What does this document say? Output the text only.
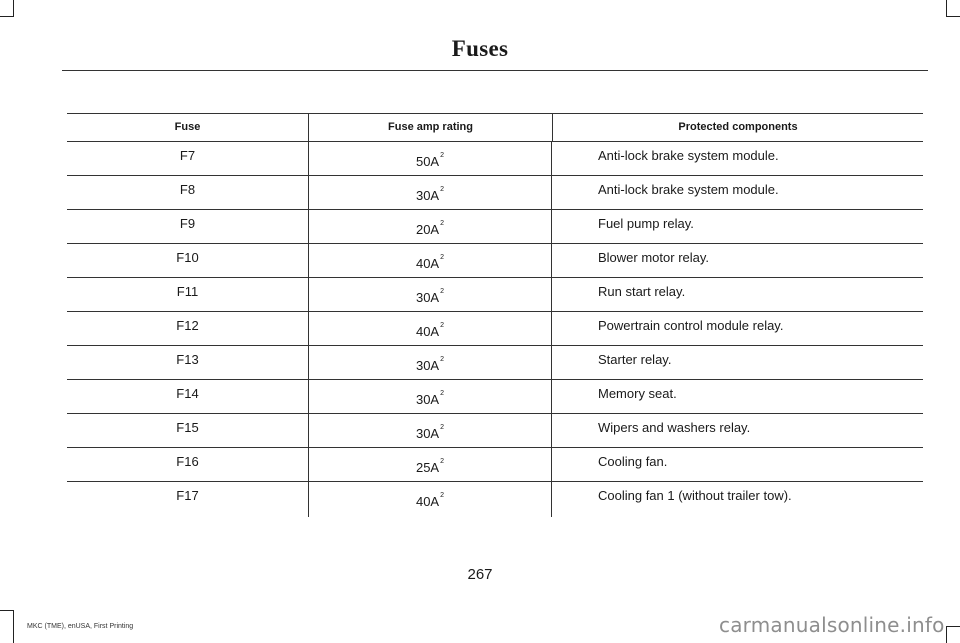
Fuses
Fuse	Fuse amp rating	Protected components
F7	$50A^2$	Anti-lock brake system module.
F8	$30A^2$	Anti-lock brake system module.
F9	$20A^2$	Fuel pump relay.
F10	$40A^2$	Blower motor relay.
F11	$30A^2$	Run start relay.
F12	$40A^2$	Powertrain control module relay.
F13	$30A^2$	Starter relay.
F14	$30A^2$	Memory seat.
F15	$30A^2$	Wipers and washers relay.
F16	$25A^2$	Cooling fan.
F17	$40A^2$	Cooling fan 1 (without trailer tow).
267
MKC (TME), enUSA, First Printing	carmanualsonline.info
